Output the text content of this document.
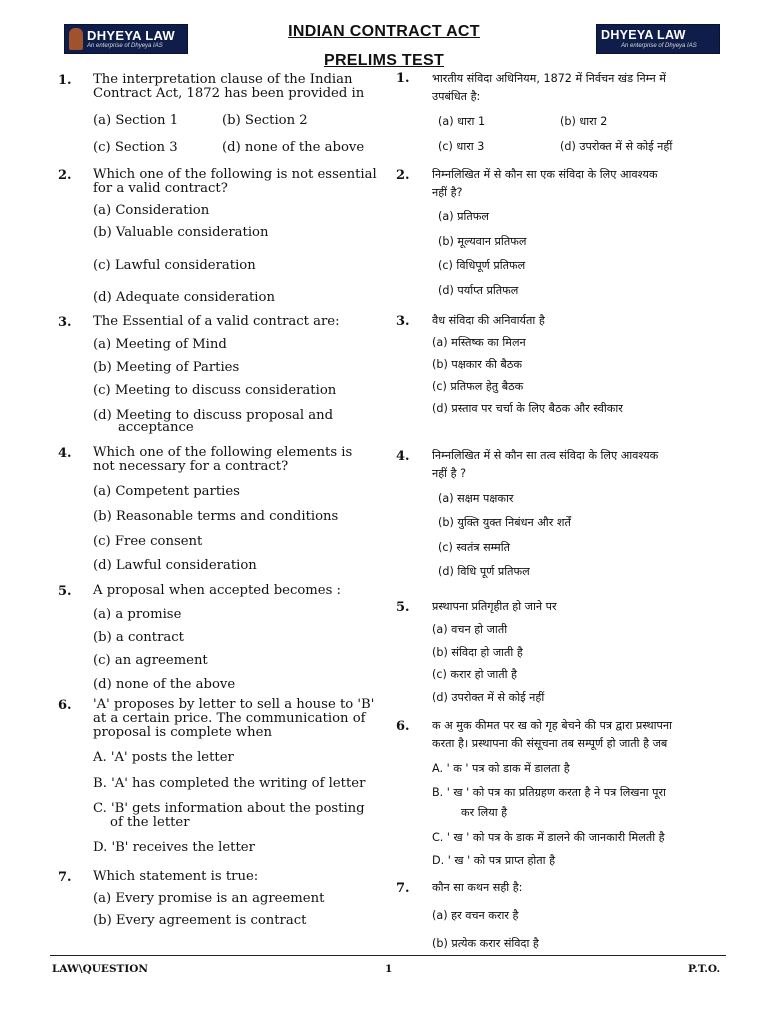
DHYEYA LAW
An enterprise of Dhyeya IAS
DHYEYA LAW
An enterprise of Dhyeya IAS
INDIAN CONTRACT ACT
PRELIMS TEST
LAW\QUESTION	1	P.T.O.
1. The interpretation clause of the Indian
Contract Act, 1872 has been provided in
(a) Section 1	(b) Section 2
(c) Section 3	(d) none of the above
2. Which one of the following is not essential
for a valid contract?
(a) Consideration
(b) Valuable consideration
(c) Lawful consideration
(d) Adequate consideration
3. The Essential of a valid contract are:
(a) Meeting of Mind
(b) Meeting of Parties
(c) Meeting to discuss consideration
(d) Meeting to discuss proposal and
acceptance
4. Which one of the following elements is
not necessary for a contract?
(a) Competent parties
(b) Reasonable terms and conditions
(c) Free consent
(d) Lawful consideration
5. A proposal when accepted becomes :
(a) a promise
(b) a contract
(c) an agreement
(d) none of the above
6. 'A' proposes by letter to sell a house to 'B'
at a certain price. The communication of
proposal is complete when
A. 'A' posts the letter
B. 'A' has completed the writing of letter
C. 'B' gets information about the posting
of the letter
D. 'B' receives the letter
7. Which statement is true:
(a) Every promise is an agreement
(b) Every agreement is contract
1. भारतीय संविदा अधिनियम, 1872 में निर्वचन खंड निम्न में
उपबंधित है:
(a) धारा 1	(b) धारा 2
(c) धारा 3	(d) उपरोक्त में से कोई नहीं
2. निम्नलिखित में से कौन सा एक संविदा के लिए आवश्यक
नहीं है?
(a) प्रतिफल
(b) मूल्यवान प्रतिफल
(c) विधिपूर्ण प्रतिफल
(d) पर्याप्त प्रतिफल
3. वैध संविदा की अनिवार्यता है
(a) मस्तिष्क का मिलन
(b) पक्षकार की बैठक
(c) प्रतिफल हेतु बैठक
(d) प्रस्ताव पर चर्चा के लिए बैठक और स्वीकार
4. निम्नलिखित में से कौन सा तत्व संविदा के लिए आवश्यक
नहीं है ?
(a) सक्षम पक्षकार
(b) युक्ति युक्त निबंधन और शर्तें
(c) स्वतंत्र सम्मति
(d) विधि पूर्ण प्रतिफल
5. प्रस्थापना प्रतिगृहीत हो जाने पर
(a) वचन हो जाती
(b) संविदा हो जाती है
(c) करार हो जाती है
(d) उपरोक्त में से कोई नहीं
6. क अ मुक कीमत पर ख को गृह बेचने की पत्र द्वारा प्रस्थापना
करता है। प्रस्थापना की संसूचना तब सम्पूर्ण हो जाती है जब
A. ' क ' पत्र को डाक में डालता है
B. ' ख ' को पत्र का प्रतिग्रहण करता है ने पत्र लिखना पूरा
कर लिया है
C. ' ख ' को पत्र के डाक में डालने की जानकारी मिलती है
D. ' ख ' को पत्र प्राप्त होता है
7. कौन सा कथन सही है:
(a) हर वचन करार है
(b) प्रत्येक करार संविदा है
